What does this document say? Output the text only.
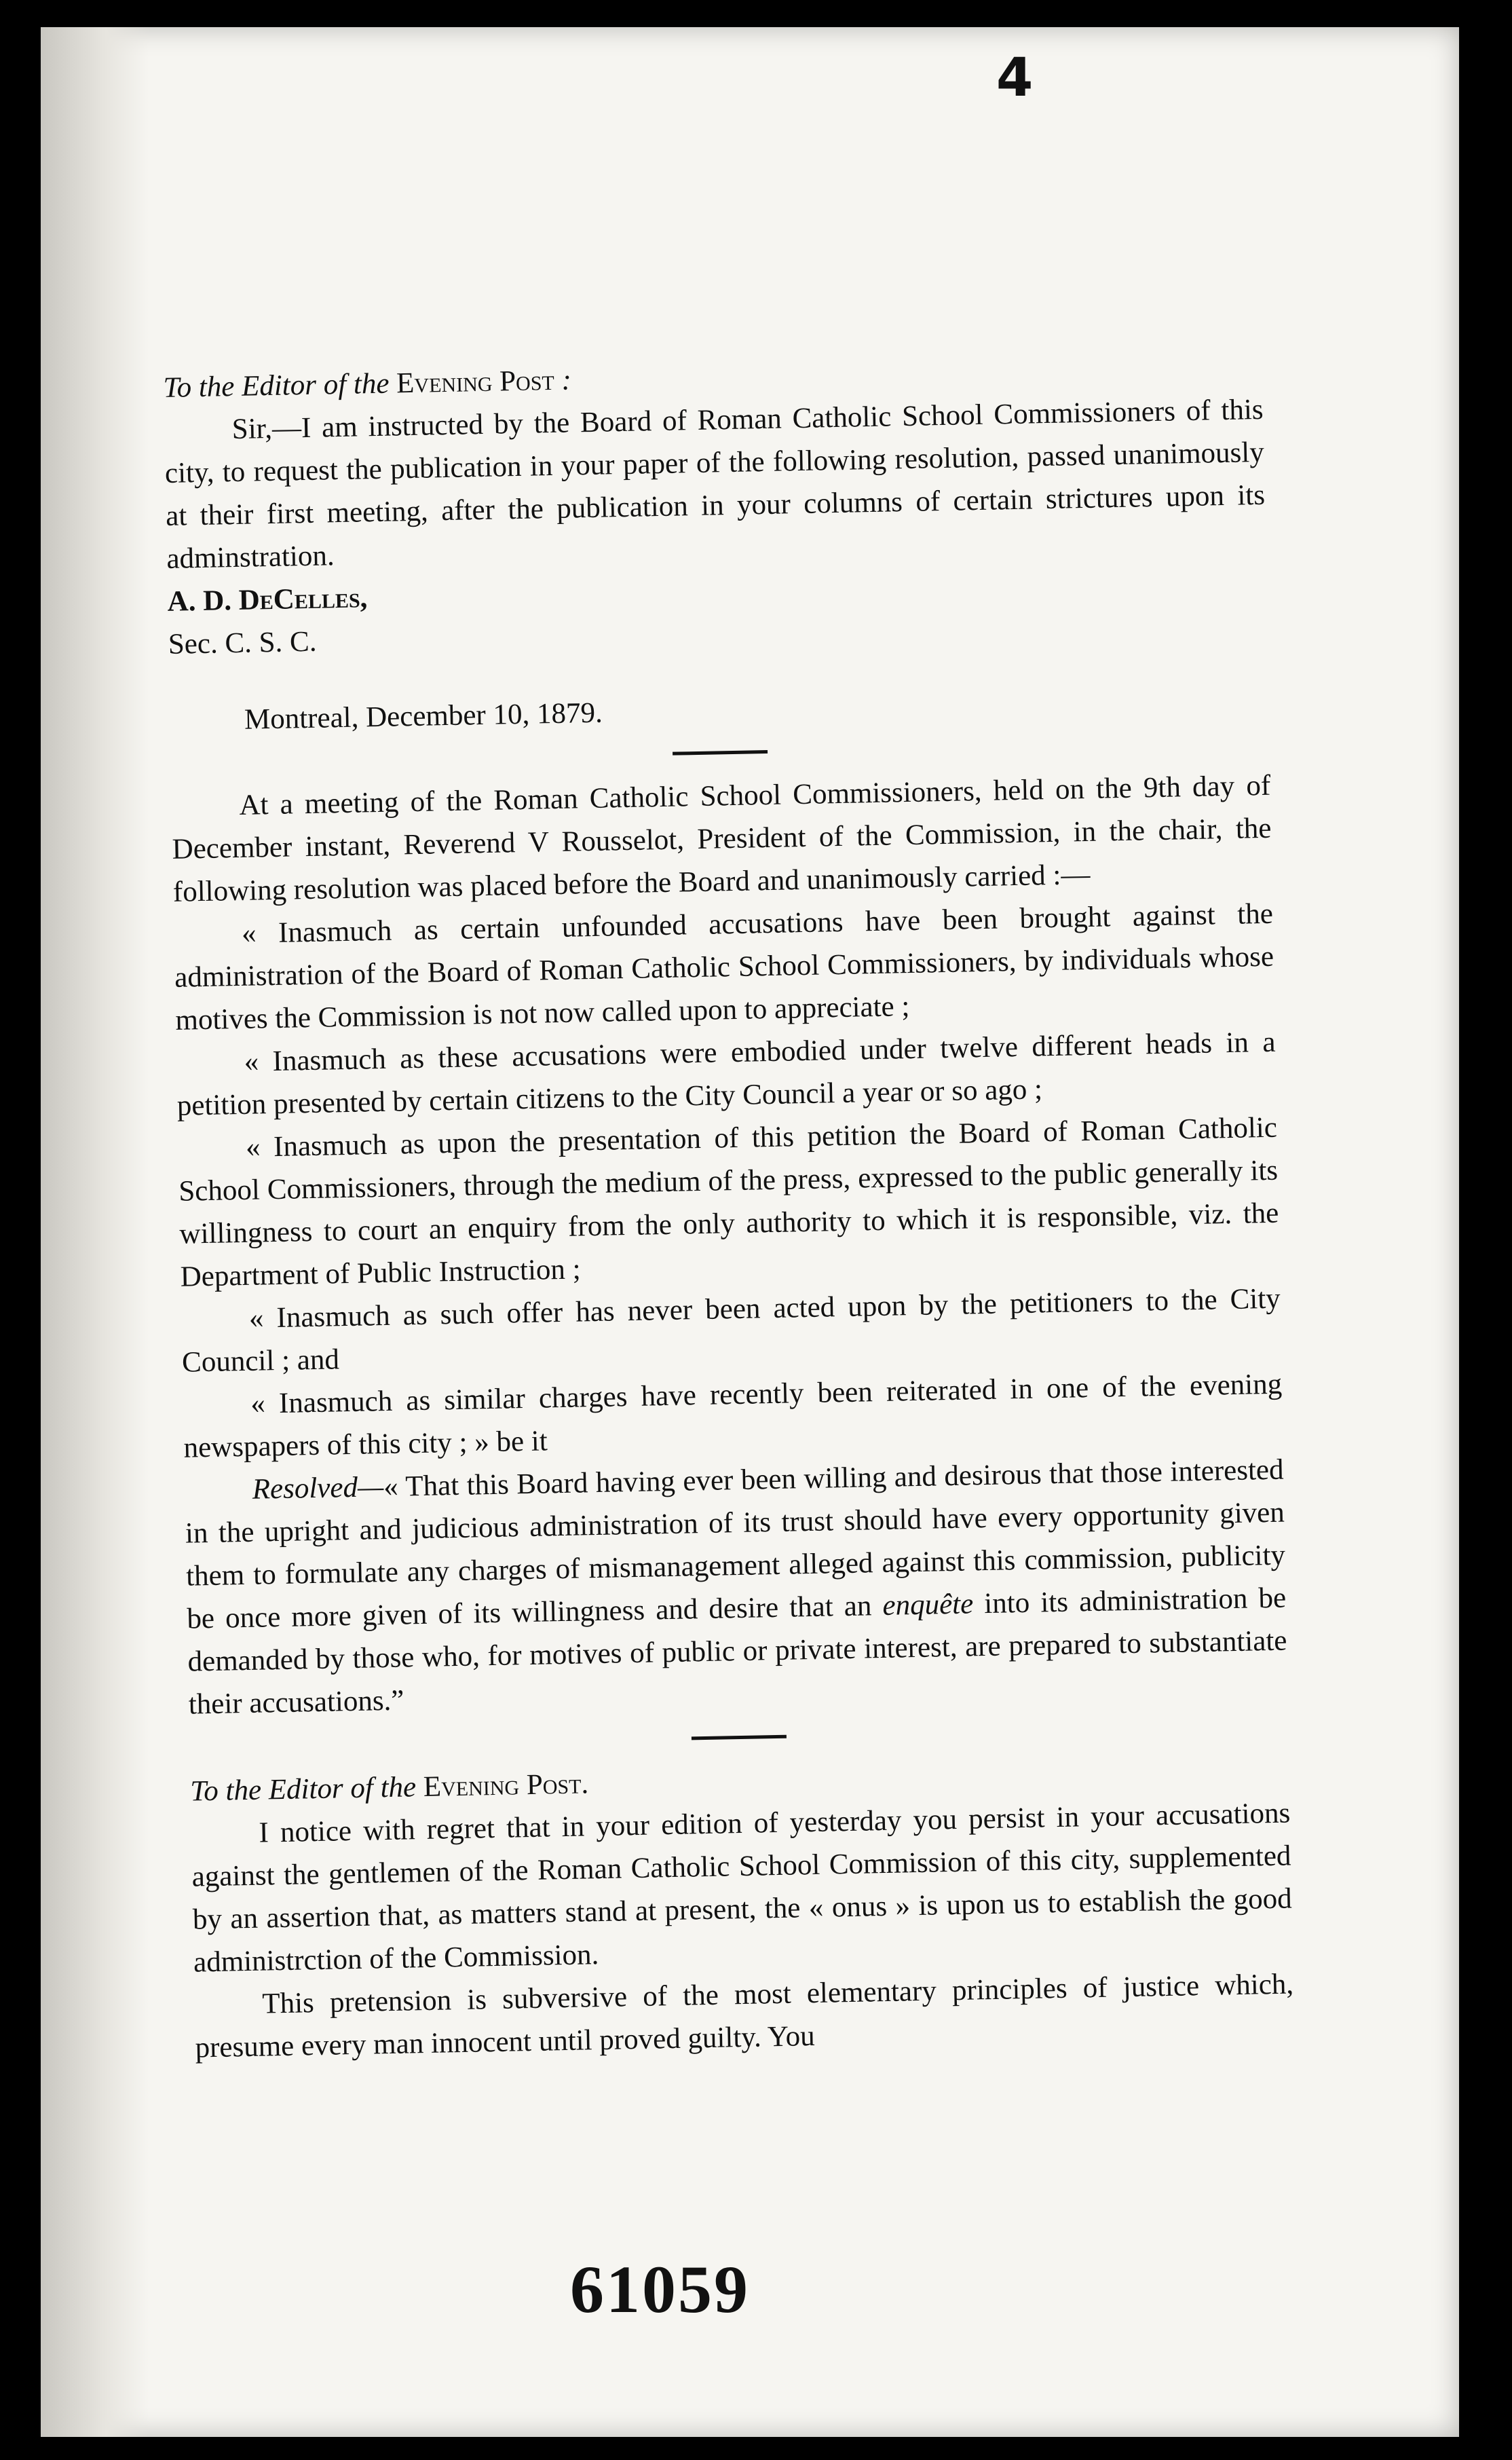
4

To the Editor of the Evening Post :

Sir,—I am instructed by the Board of Roman Catholic School Commissioners of this city, to request the publication in your paper of the following resolution, passed unanimously at their first meeting, after the publication in your columns of certain strictures upon its adminstration.

A. D. DeCelles,

Sec. C. S. C.

Montreal, December 10, 1879.

At a meeting of the Roman Catholic School Commissioners, held on the 9th day of December instant, Reverend V Rousselot, President of the Commission, in the chair, the following resolution was placed before the Board and unanimously carried :—

« Inasmuch as certain unfounded accusations have been brought against the administration of the Board of Roman Catholic School Commissioners, by individuals whose motives the Commission is not now called upon to appreciate ;

« Inasmuch as these accusations were embodied under twelve different heads in a petition presented by certain citizens to the City Council a year or so ago ;

« Inasmuch as upon the presentation of this petition the Board of Roman Catholic School Commissioners, through the medium of the press, expressed to the public generally its willingness to court an enquiry from the only authority to which it is responsible, viz. the Department of Public Instruction ;

« Inasmuch as such offer has never been acted upon by the petitioners to the City Council ; and

« Inasmuch as similar charges have recently been reiterated in one of the evening newspapers of this city ; » be it

Resolved—« That this Board having ever been willing and desirous that those interested in the upright and judicious administration of its trust should have every opportunity given them to formulate any charges of mismanagement alleged against this commission, publicity be once more given of its willingness and desire that an enquête into its administration be demanded by those who, for motives of public or private interest, are prepared to substantiate their accusations.”

To the Editor of the Evening Post.

I notice with regret that in your edition of yesterday you persist in your accusations against the gentlemen of the Roman Catholic School Commission of this city, supplemented by an assertion that, as matters stand at present, the « onus » is upon us to establish the good administrction of the Commission.

This pretension is subversive of the most elementary principles of justice which, presume every man innocent until proved guilty. You

61059
